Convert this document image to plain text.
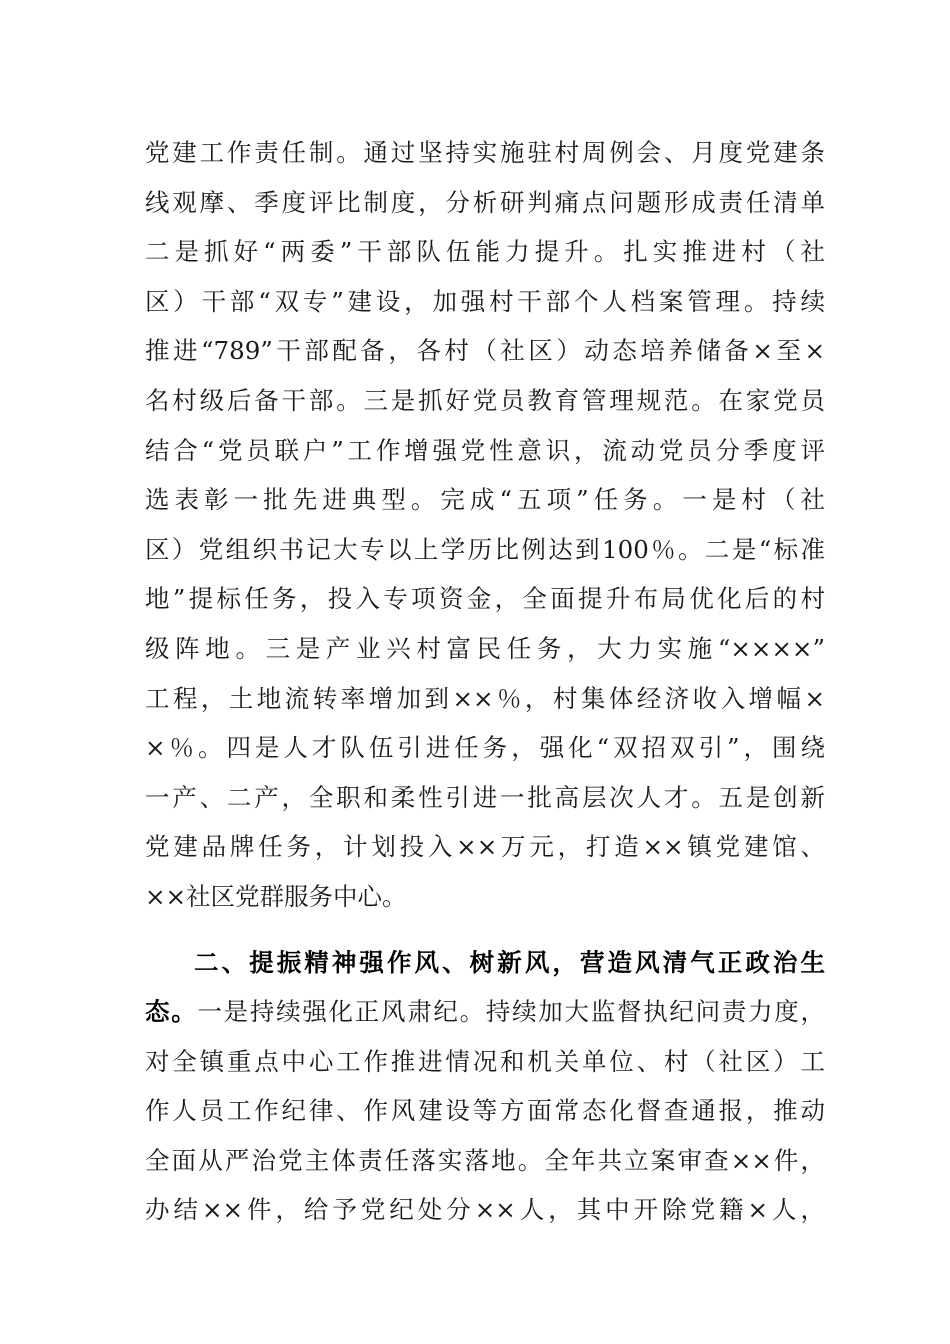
党建工作责任制。通过坚持实施驻村周例会、月度党建条
线观摩、季度评比制度，分析研判痛点问题形成责任清单
二是抓好“两委”干部队伍能力提升。扎实推进村（社
区）干部“双专”建设，加强村干部个人档案管理。持续
推进“789”干部配备，各村（社区）动态培养储备×至×
名村级后备干部。三是抓好党员教育管理规范。在家党员
结合“党员联户”工作增强党性意识，流动党员分季度评
选表彰一批先进典型。完成“五项”任务。一是村（社
区）党组织书记大专以上学历比例达到100％。二是“标准
地”提标任务，投入专项资金，全面提升布局优化后的村
级阵地。三是产业兴村富民任务，大力实施“××××”
工程，土地流转率增加到××％，村集体经济收入增幅×
×％。四是人才队伍引进任务，强化“双招双引”，围绕
一产、二产，全职和柔性引进一批高层次人才。五是创新
党建品牌任务，计划投入××万元，打造××镇党建馆、
××社区党群服务中心。
二、提振精神强作风、树新风，营造风清气正政治生
态。一是持续强化正风肃纪。持续加大监督执纪问责力度，
对全镇重点中心工作推进情况和机关单位、村（社区）工
作人员工作纪律、作风建设等方面常态化督查通报，推动
全面从严治党主体责任落实落地。全年共立案审查××件，
办结××件，给予党纪处分××人，其中开除党籍×人，
